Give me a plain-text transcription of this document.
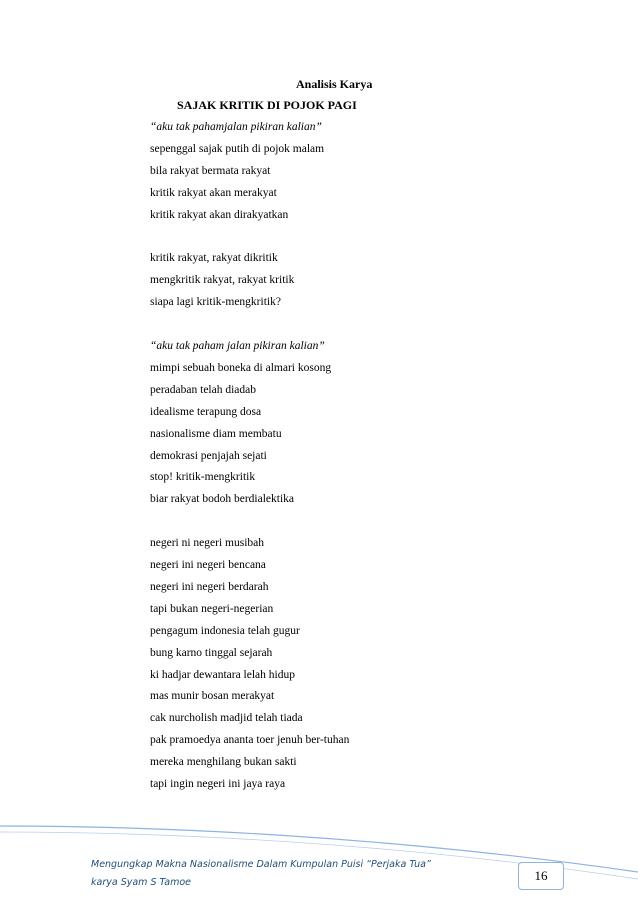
Analisis Karya
SAJAK KRITIK DI POJOK PAGI
“aku tak pahamjalan pikiran kalian”
sepenggal sajak putih di pojok malam
bila rakyat bermata rakyat
kritik rakyat akan merakyat
kritik rakyat akan dirakyatkan
kritik rakyat, rakyat dikritik
mengkritik rakyat, rakyat kritik
siapa lagi kritik-mengkritik?
“aku tak paham jalan pikiran kalian”
mimpi sebuah boneka di almari kosong
peradaban telah diadab
idealisme terapung dosa
nasionalisme diam membatu
demokrasi penjajah sejati
stop! kritik-mengkritik
biar rakyat bodoh berdialektika
negeri ni negeri musibah
negeri ini negeri bencana
negeri ini negeri berdarah
tapi bukan negeri-negerian
pengagum indonesia telah gugur
bung karno tinggal sejarah
ki hadjar dewantara lelah hidup
mas munir bosan merakyat
cak nurcholish madjid telah tiada
pak pramoedya ananta toer jenuh ber-tuhan
mereka menghilang bukan sakti
tapi ingin negeri ini jaya raya
Mengungkap Makna Nasionalisme Dalam Kumpulan Puisi “Perjaka Tua”
karya Syam S Tamoe	16
